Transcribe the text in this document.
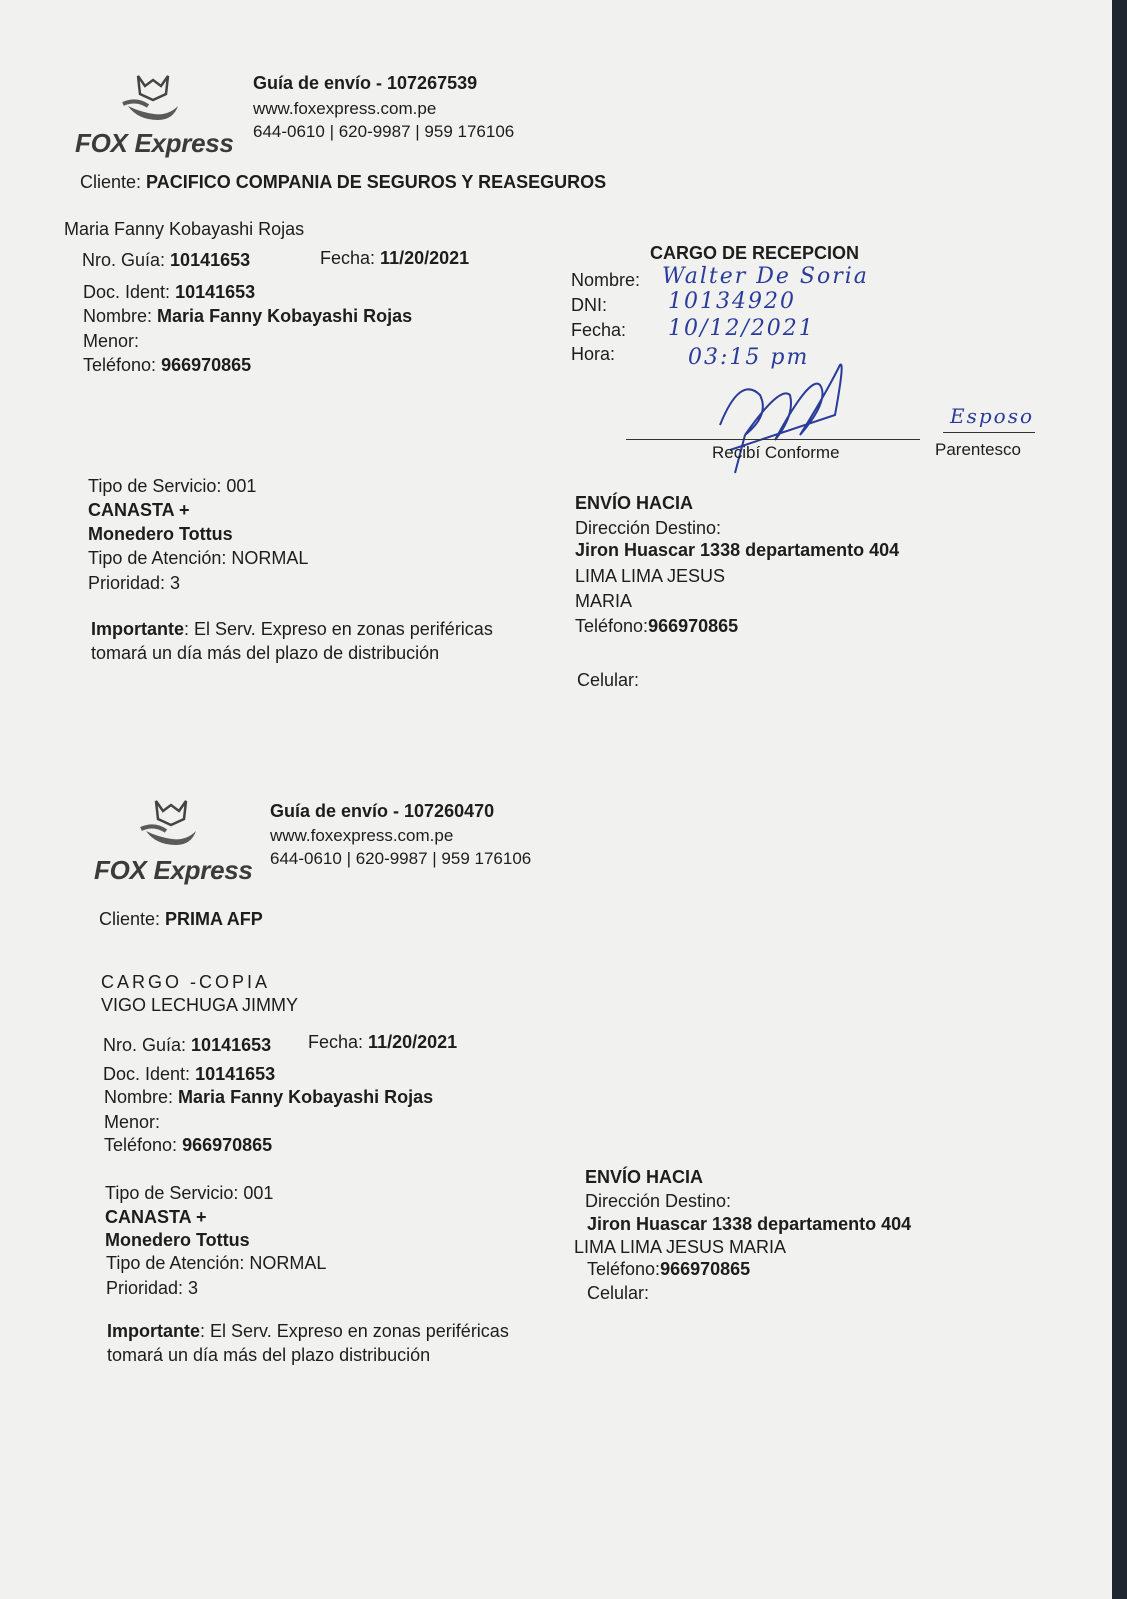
FOX Express
Guía de envío - 107267539
www.foxexpress.com.pe
644-0610 | 620-9987 | 959 176106
Cliente: PACIFICO COMPANIA DE SEGUROS Y REASEGUROS
Maria Fanny Kobayashi Rojas
Nro. Guía: 10141653	Fecha: 11/20/2021
Doc. Ident: 10141653
Nombre: Maria Fanny Kobayashi Rojas
Menor:
Teléfono: 966970865
CARGO DE RECEPCION
Nombre: Walter De Soria
DNI:	10134920
Fecha: 10/12/2021
Hora:	03:15 pm
Recibí Conforme
Esposo
Parentesco
Tipo de Servicio: 001
CANASTA +
Monedero Tottus
Tipo de Atención: NORMAL
Prioridad: 3
Importante: El Serv. Expreso en zonas periféricas
tomará un día más del plazo de distribución
ENVÍO HACIA
Dirección Destino:
Jiron Huascar 1338 departamento 404
LIMA LIMA JESUS
MARIA
Teléfono:966970865
Celular:
FOX Express
Guía de envío - 107260470
www.foxexpress.com.pe
644-0610 | 620-9987 | 959 176106
Cliente: PRIMA AFP
CARGO -COPIA
VIGO LECHUGA JIMMY
Nro. Guía: 10141653 Fecha: 11/20/2021
Doc. Ident: 10141653
Nombre: Maria Fanny Kobayashi Rojas
Menor:
Teléfono: 966970865
Tipo de Servicio: 001
CANASTA +
Monedero Tottus
Tipo de Atención: NORMAL
Prioridad: 3
Importante: El Serv. Expreso en zonas periféricas
tomará un día más del plazo distribución
ENVÍO HACIA
Dirección Destino:
Jiron Huascar 1338 departamento 404
LIMA LIMA JESUS MARIA
Teléfono:966970865
Celular:
